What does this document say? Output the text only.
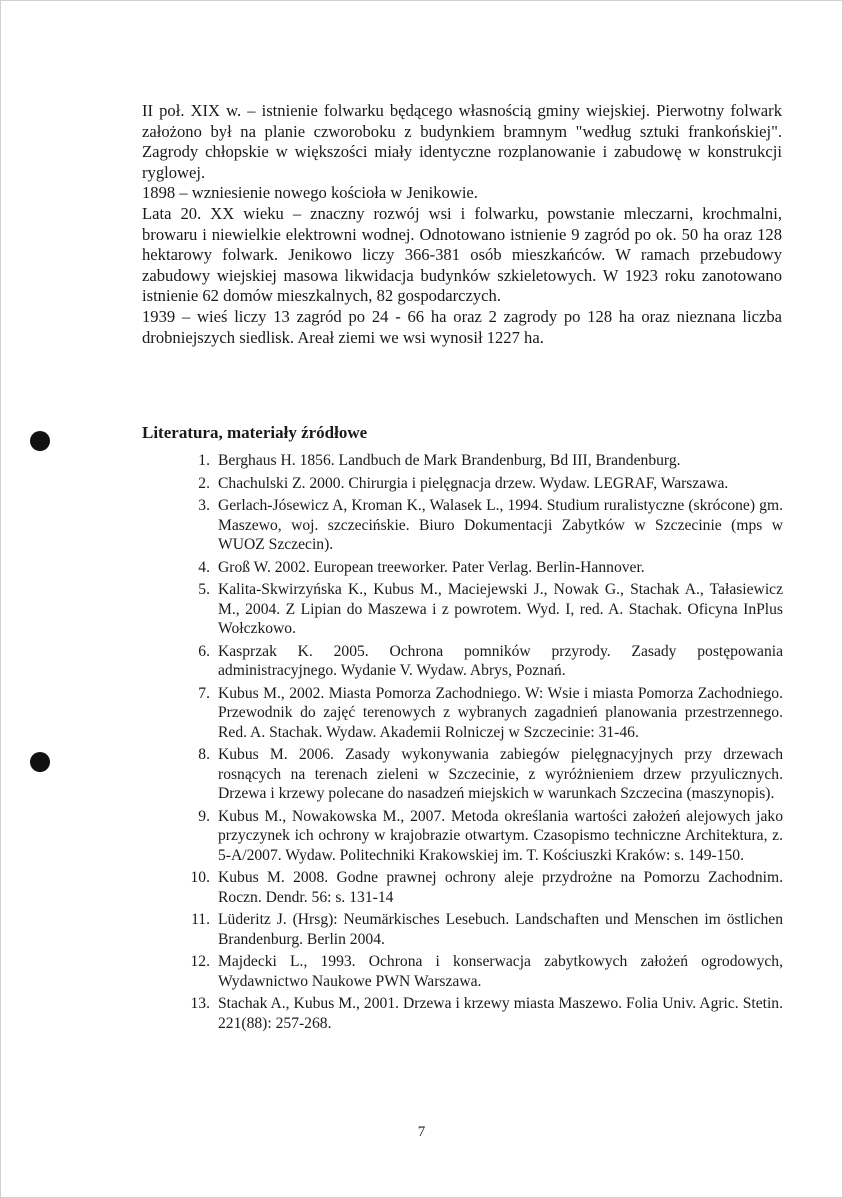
II poł. XIX w. – istnienie folwarku będącego własnością gminy wiejskiej. Pierwotny folwark założono był na planie czworoboku z budynkiem bramnym "według sztuki frankońskiej". Zagrody chłopskie w większości miały identyczne rozplanowanie i zabudowę w konstrukcji ryglowej.

1898 – wzniesienie nowego kościoła w Jenikowie.

Lata 20. XX wieku – znaczny rozwój wsi i folwarku, powstanie mleczarni, krochmalni, browaru i niewielkie elektrowni wodnej. Odnotowano istnienie 9 zagród po ok. 50 ha oraz 128 hektarowy folwark. Jenikowo liczy 366-381 osób mieszkańców. W ramach przebudowy zabudowy wiejskiej masowa likwidacja budynków szkieletowych. W 1923 roku zanotowano istnienie 62 domów mieszkalnych, 82 gospodarczych.

1939 – wieś liczy 13 zagród po 24 - 66 ha oraz 2 zagrody po 128 ha oraz nieznana liczba drobniejszych siedlisk. Areał ziemi we wsi wynosił 1227 ha.

Literatura, materiały źródłowe
1. Berghaus H. 1856. Landbuch de Mark Brandenburg, Bd III, Brandenburg.
2. Chachulski Z. 2000. Chirurgia i pielęgnacja drzew. Wydaw. LEGRAF, Warszawa.
3. Gerlach-Jósewicz A, Kroman K., Walasek L., 1994. Studium ruralistyczne (skrócone) gm. Maszewo, woj. szczecińskie. Biuro Dokumentacji Zabytków w Szczecinie (mps w WUOZ Szczecin).
4. Groß W. 2002. European treeworker. Pater Verlag. Berlin-Hannover.
5. Kalita-Skwirzyńska K., Kubus M., Maciejewski J., Nowak G., Stachak A., Tałasiewicz M., 2004. Z Lipian do Maszewa i z powrotem. Wyd. I, red. A. Stachak. Oficyna InPlus Wołczkowo.
6. Kasprzak K. 2005. Ochrona pomników przyrody. Zasady postępowania administracyjnego. Wydanie V. Wydaw. Abrys, Poznań.
7. Kubus M., 2002. Miasta Pomorza Zachodniego. W: Wsie i miasta Pomorza Zachodniego. Przewodnik do zajęć terenowych z wybranych zagadnień planowania przestrzennego. Red. A. Stachak. Wydaw. Akademii Rolniczej w Szczecinie: 31-46.
8. Kubus M. 2006. Zasady wykonywania zabiegów pielęgnacyjnych przy drzewach rosnących na terenach zieleni w Szczecinie, z wyróżnieniem drzew przyulicznych. Drzewa i krzewy polecane do nasadzeń miejskich w warunkach Szczecina (maszynopis).
9. Kubus M., Nowakowska M., 2007. Metoda określania wartości założeń alejowych jako przyczynek ich ochrony w krajobrazie otwartym. Czasopismo techniczne Architektura, z. 5-A/2007. Wydaw. Politechniki Krakowskiej im. T. Kościuszki Kraków: s. 149-150.
10. Kubus M. 2008. Godne prawnej ochrony aleje przydrożne na Pomorzu Zachodnim. Roczn. Dendr. 56: s. 131-14
11. Lüderitz J. (Hrsg): Neumärkisches Lesebuch. Landschaften und Menschen im östlichen Brandenburg. Berlin 2004.
12. Majdecki L., 1993. Ochrona i konserwacja zabytkowych założeń ogrodowych, Wydawnictwo Naukowe PWN Warszawa.
13. Stachak A., Kubus M., 2001. Drzewa i krzewy miasta Maszewo. Folia Univ. Agric. Stetin. 221(88): 257-268.
7
